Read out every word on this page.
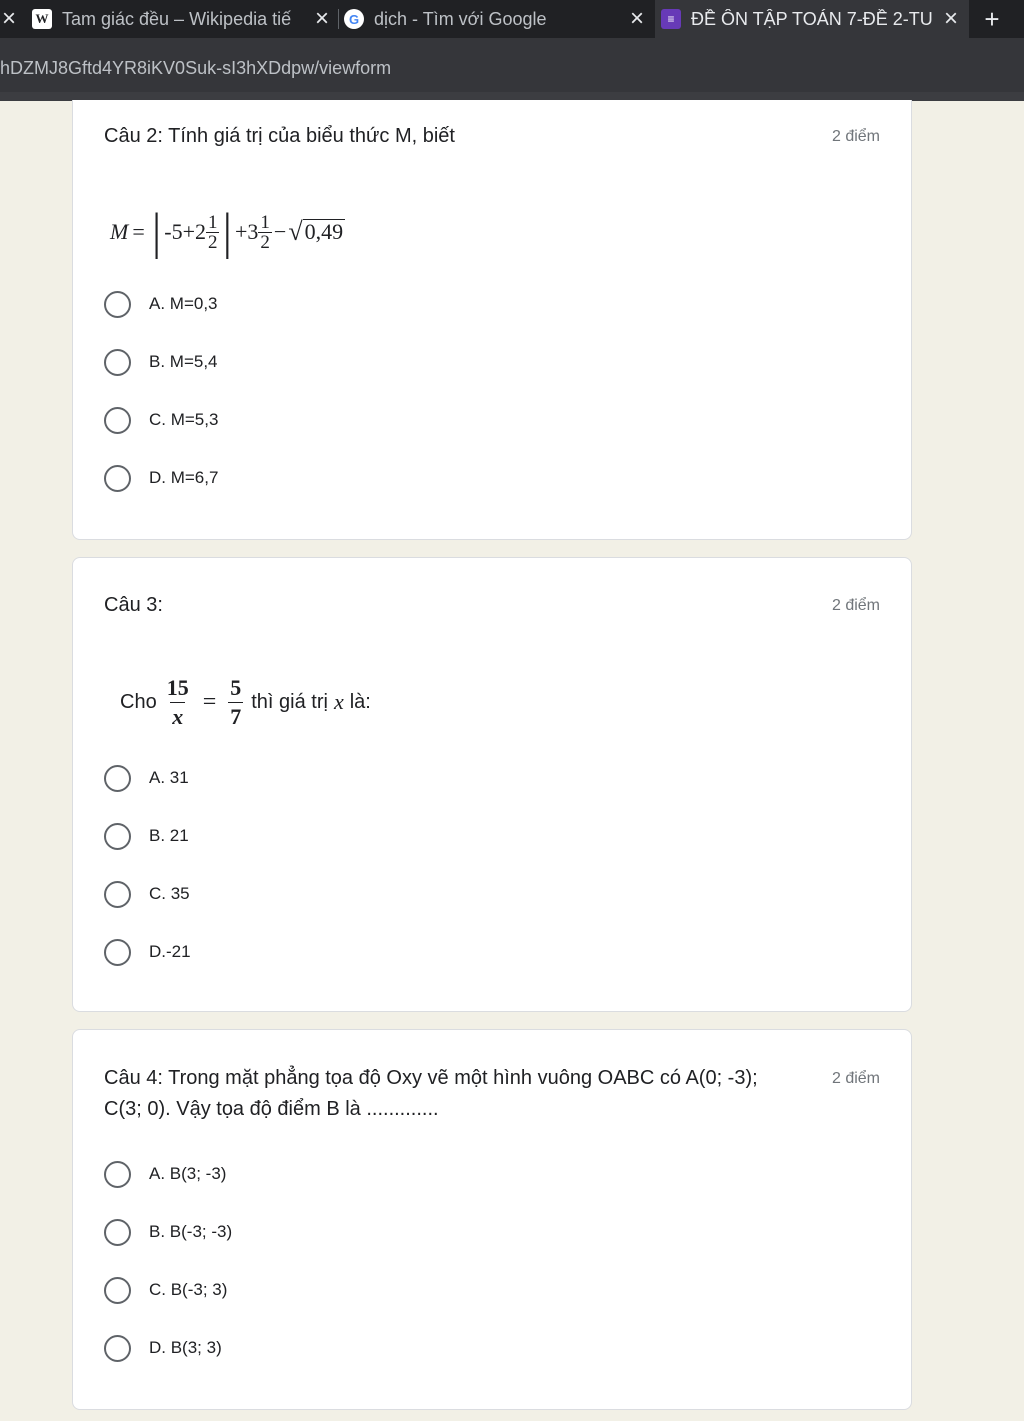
×	W Tam giác đều – Wikipedia tiế ×	G dịch - Tìm với Google	×	≡ ĐỀ ÔN TẬP TOÁN 7-ĐỀ 2-TU × +
hDZMJ8Gftd4YR8iKV0Suk-sI3hXDdpw/viewform
Câu 2: Tính giá trị của biểu thức M, biết	2 điểm
M = | $-5+2 \frac{1}{2}$ | $+3 \frac{1}{2}$ − √ 0,49
A. M=0,3
B. M=5,4
C. M=5,3
D. M=6,7
Câu 3:	2 điểm
Cho $\frac{15}{x} = \frac{5}{7}$ thì giá trị x là:
A. 31
B. 21
C. 35
D.-21
Câu 4: Trong mặt phẳng tọa độ Oxy vẽ một hình vuông OABC có A(0; -3);
C(3; 0). Vậy tọa độ điểm B là .............
2 điểm
A. B(3; -3)
B. B(-3; -3)
C. B(-3; 3)
D. B(3; 3)
